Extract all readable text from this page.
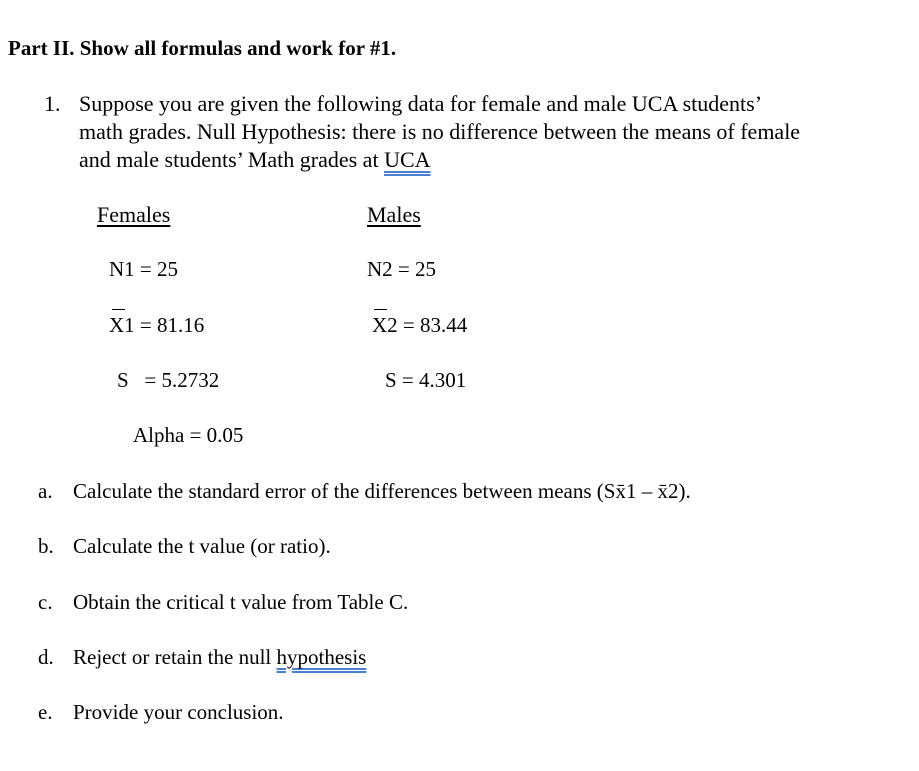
Part II. Show all formulas and work for #1.
1. Suppose you are given the following data for female and male UCA students’
math grades. Null Hypothesis: there is no difference between the means of female
and male students’ Math grades at UCA
Females	Males
N1 = 25	N2 = 25
X1 = 81.16	X2 = 83.44
S   = 5.2732	S = 4.301
Alpha = 0.05
a. Calculate the standard error of the differences between means (Sx̄1 – x̄2).
b. Calculate the t value (or ratio).
c. Obtain the critical t value from Table C.
d. Reject or retain the null hypothesis
e. Provide your conclusion.
